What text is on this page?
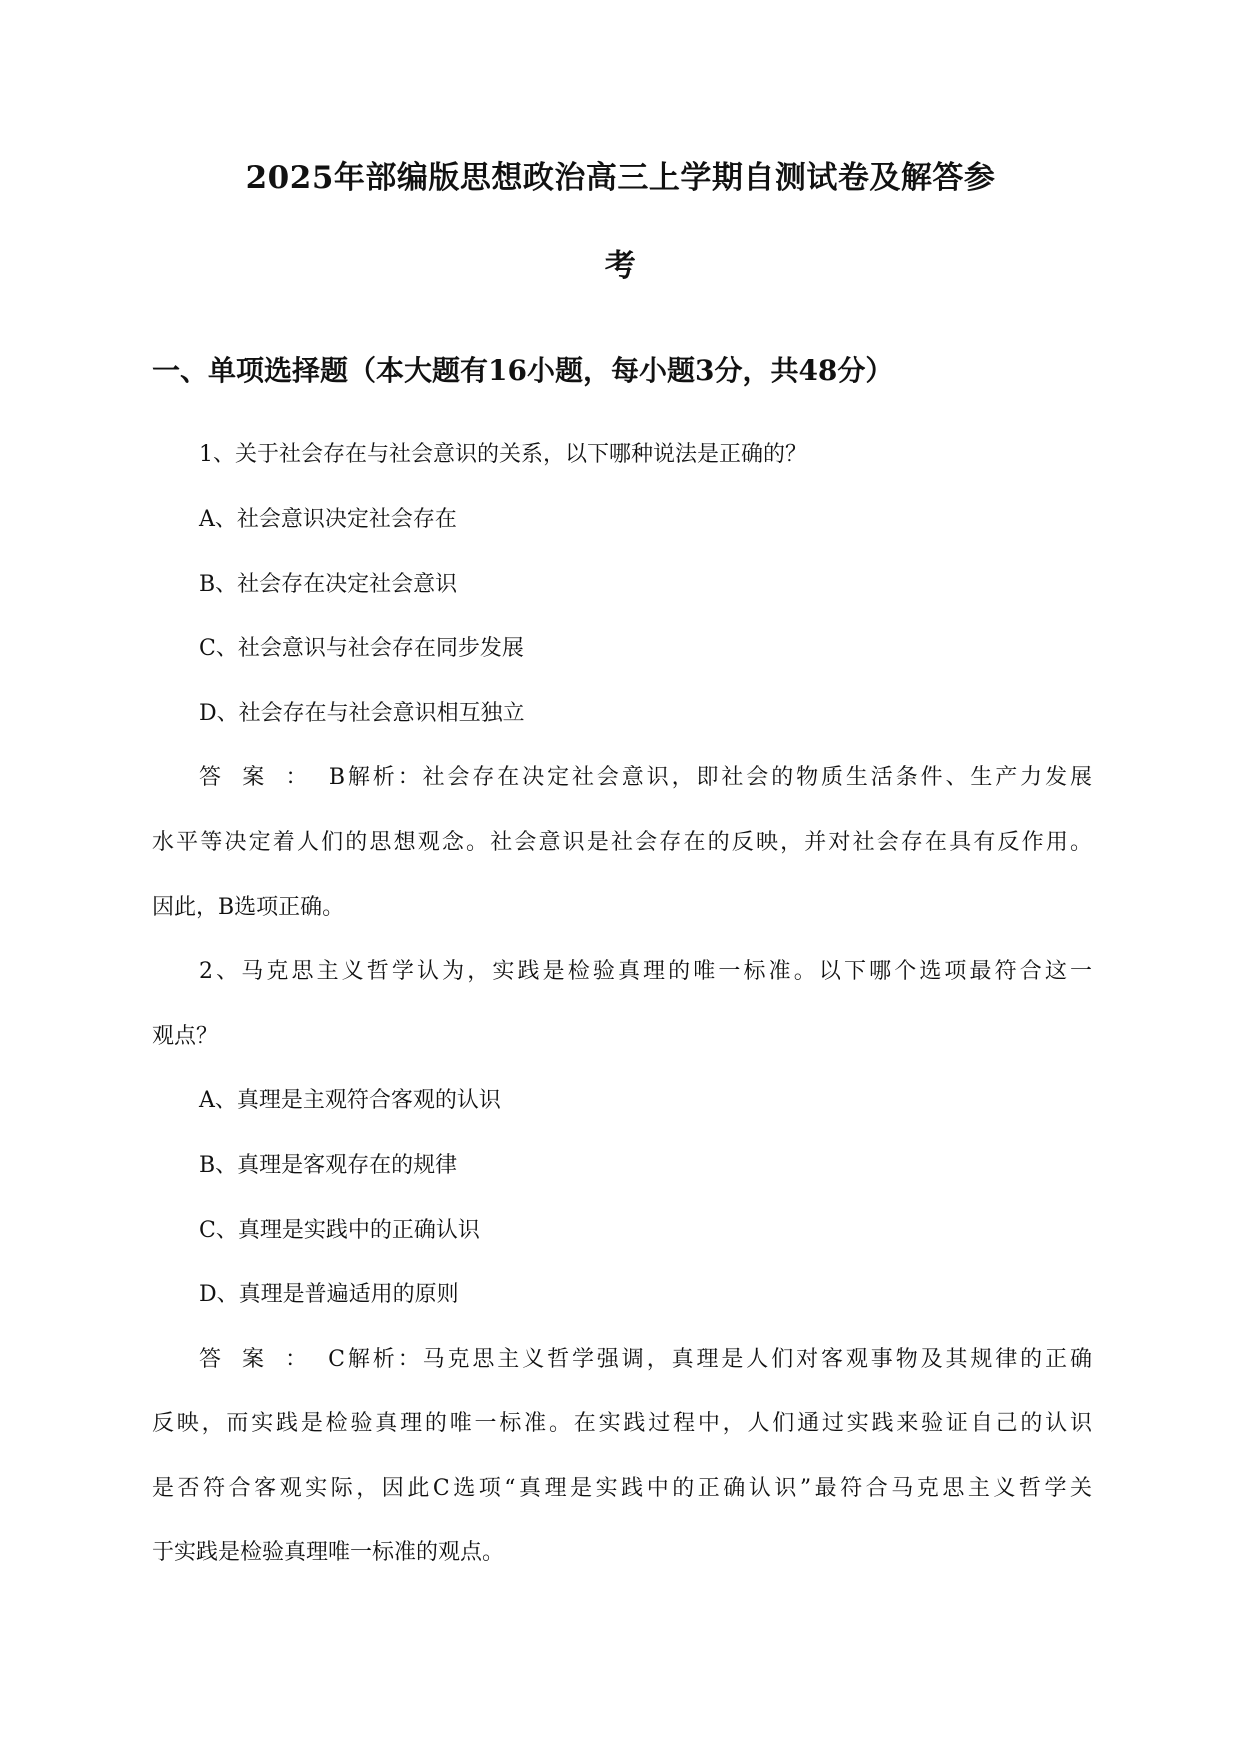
2025年部编版思想政治高三上学期自测试卷及解答参
考
一、单项选择题（本大题有16小题，每小题3分，共48分）

1、关于社会存在与社会意识的关系，以下哪种说法是正确的？

A、社会意识决定社会存在

B、社会存在决定社会意识

C、社会意识与社会存在同步发展

D、社会存在与社会意识相互独立

答案：B解析：社会存在决定社会意识，即社会的物质生活条件、生产力发展

水平等决定着人们的思想观念。社会意识是社会存在的反映，并对社会存在具有反作用。

因此，B选项正确。

2、马克思主义哲学认为，实践是检验真理的唯一标准。以下哪个选项最符合这一

观点？

A、真理是主观符合客观的认识

B、真理是客观存在的规律

C、真理是实践中的正确认识

D、真理是普遍适用的原则

答案：C解析：马克思主义哲学强调，真理是人们对客观事物及其规律的正确

反映，而实践是检验真理的唯一标准。在实践过程中，人们通过实践来验证自己的认识

是否符合客观实际，因此C选项“真理是实践中的正确认识”最符合马克思主义哲学关

于实践是检验真理唯一标准的观点。
